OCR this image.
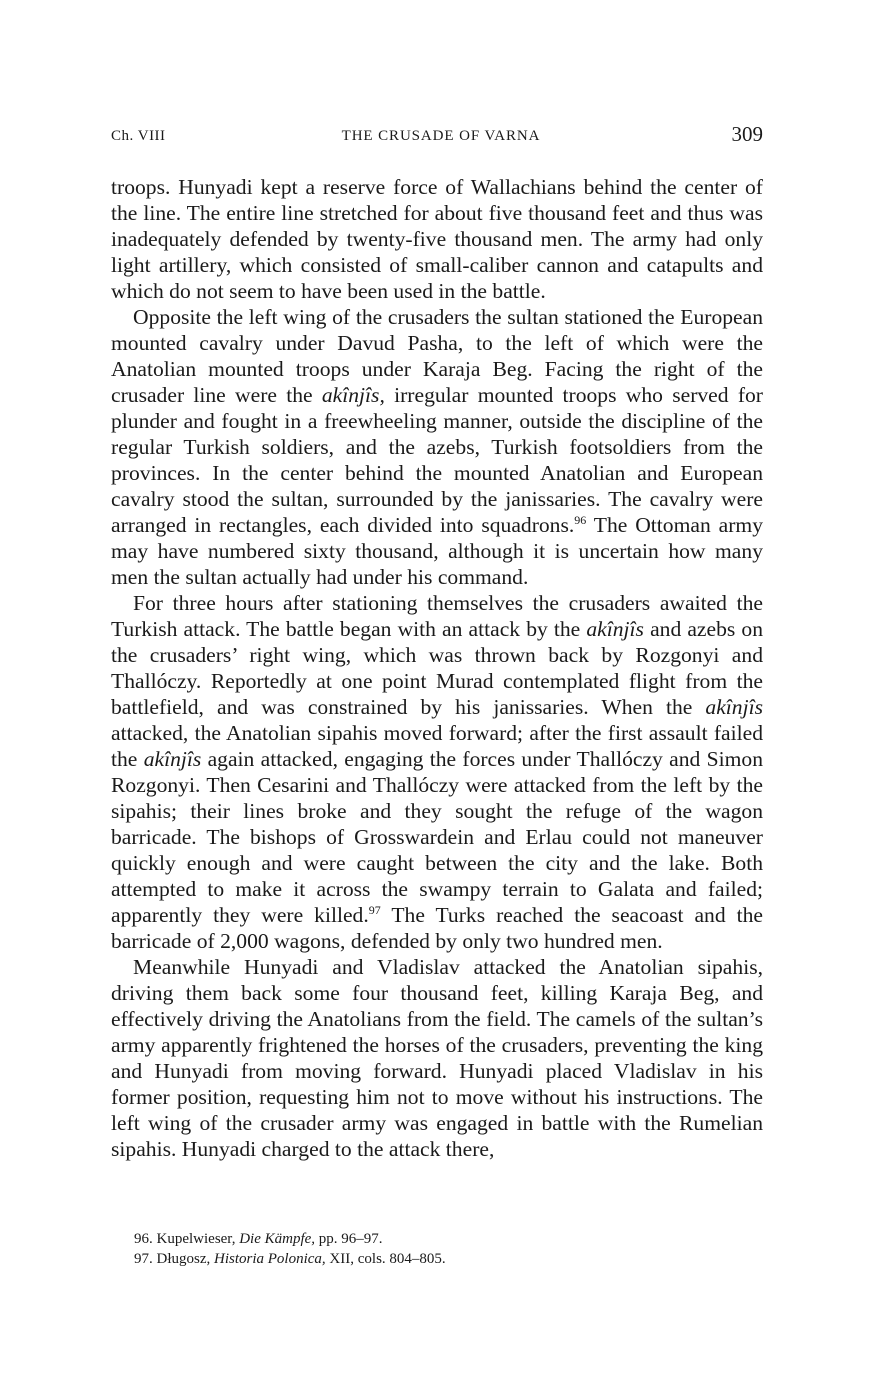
Ch. VIII	THE CRUSADE OF VARNA	309

troops. Hunyadi kept a reserve force of Wallachians behind the center of the line. The entire line stretched for about five thousand feet and thus was inadequately defended by twenty-five thousand men. The army had only light artillery, which consisted of small-caliber cannon and catapults and which do not seem to have been used in the battle.

Opposite the left wing of the crusaders the sultan stationed the European mounted cavalry under Davud Pasha, to the left of which were the Anatolian mounted troops under Karaja Beg. Facing the right of the crusader line were the akînjîs, irregular mounted troops who served for plunder and fought in a freewheeling manner, outside the discipline of the regular Turkish soldiers, and the azebs, Turkish footsoldiers from the provinces. In the center behind the mounted Anatolian and European cavalry stood the sultan, surrounded by the janissaries. The cavalry were arranged in rectangles, each divided into squadrons.$^{96}$ The Ottoman army may have numbered sixty thousand, although it is uncertain how many men the sultan actually had under his command.

For three hours after stationing themselves the crusaders awaited the Turkish attack. The battle began with an attack by the akînjîs and azebs on the crusaders’ right wing, which was thrown back by Rozgonyi and Thallóczy. Reportedly at one point Murad contemplated flight from the battlefield, and was constrained by his janissaries. When the akînjîs attacked, the Anatolian sipahis moved forward; after the first assault failed the akînjîs again attacked, engaging the forces under Thallóczy and Simon Rozgonyi. Then Cesarini and Thallóczy were attacked from the left by the sipahis; their lines broke and they sought the refuge of the wagon barricade. The bishops of Grosswardein and Erlau could not maneuver quickly enough and were caught between the city and the lake. Both attempted to make it across the swampy terrain to Galata and failed; apparently they were killed.$^{97}$ The Turks reached the seacoast and the barricade of 2,000 wagons, defended by only two hundred men.

Meanwhile Hunyadi and Vladislav attacked the Anatolian sipahis, driving them back some four thousand feet, killing Karaja Beg, and effectively driving the Anatolians from the field. The camels of the sultan’s army apparently frightened the horses of the crusaders, preventing the king and Hunyadi from moving forward. Hunyadi placed Vladislav in his former position, requesting him not to move without his instructions. The left wing of the crusader army was engaged in battle with the Rumelian sipahis. Hunyadi charged to the attack there,

96. Kupelwieser, Die Kämpfe, pp. 96–97.

97. Długosz, Historia Polonica, XII, cols. 804–805.
